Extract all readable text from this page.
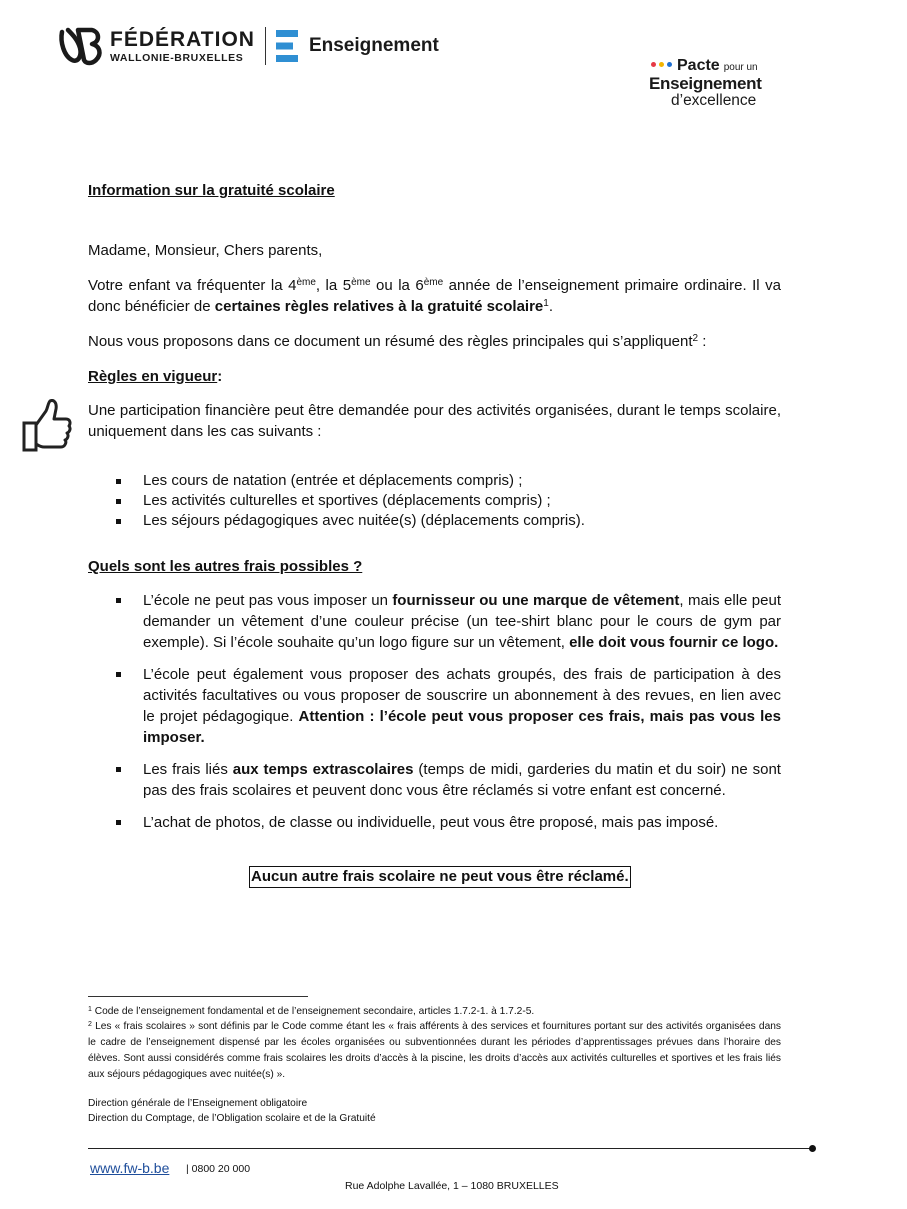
FÉDÉRATION
WALLONIE-BRUXELLES
Enseignement
Pacte pour un
Enseignement
d’excellence
Information sur la gratuité scolaire
Madame, Monsieur, Chers parents,
Votre enfant va fréquenter la 4ème, la 5ème ou la 6ème année de l’enseignement primaire ordinaire. Il va donc bénéficier de certaines règles relatives à la gratuité scolaire$^1$.
Nous vous proposons dans ce document un résumé des règles principales qui s’appliquent$^2$ :
Règles en vigueur:
Une participation financière peut être demandée pour des activités organisées, durant le temps scolaire, uniquement dans les cas suivants :
Les cours de natation (entrée et déplacements compris) ;
Les activités culturelles et sportives (déplacements compris) ;
Les séjours pédagogiques avec nuitée(s) (déplacements compris).
Quels sont les autres frais possibles ?
L’école ne peut pas vous imposer un fournisseur ou une marque de vêtement, mais elle peut demander un vêtement d’une couleur précise (un tee-shirt blanc pour le cours de gym par exemple). Si l’école souhaite qu’un logo figure sur un vêtement, elle doit vous fournir ce logo.
L’école peut également vous proposer des achats groupés, des frais de participation à des activités facultatives ou vous proposer de souscrire un abonnement à des revues, en lien avec le projet pédagogique. Attention : l’école peut vous proposer ces frais, mais pas vous les imposer.
Les frais liés aux temps extrascolaires (temps de midi, garderies du matin et du soir) ne sont pas des frais scolaires et peuvent donc vous être réclamés si votre enfant est concerné.
L’achat de photos, de classe ou individuelle, peut vous être proposé, mais pas imposé.
Aucun autre frais scolaire ne peut vous être réclamé.
$^1$ Code de l’enseignement fondamental et de l’enseignement secondaire, articles 1.7.2-1. à 1.7.2-5.
$^2$ Les « frais scolaires » sont définis par le Code comme étant les « frais afférents à des services et fournitures portant sur des activités organisées dans le cadre de l’enseignement dispensé par les écoles organisées ou subventionnées durant les périodes d’apprentissages prévues dans l’horaire des élèves. Sont aussi considérés comme frais scolaires les droits d’accès à la piscine, les droits d’accès aux activités culturelles et sportives et les frais liés aux séjours pédagogiques avec nuitée(s) ».
Direction générale de l’Enseignement obligatoire
Direction du Comptage, de l’Obligation scolaire et de la Gratuité
www.fw-b.be | 0800 20 000
Rue Adolphe Lavallée, 1 – 1080 BRUXELLES
